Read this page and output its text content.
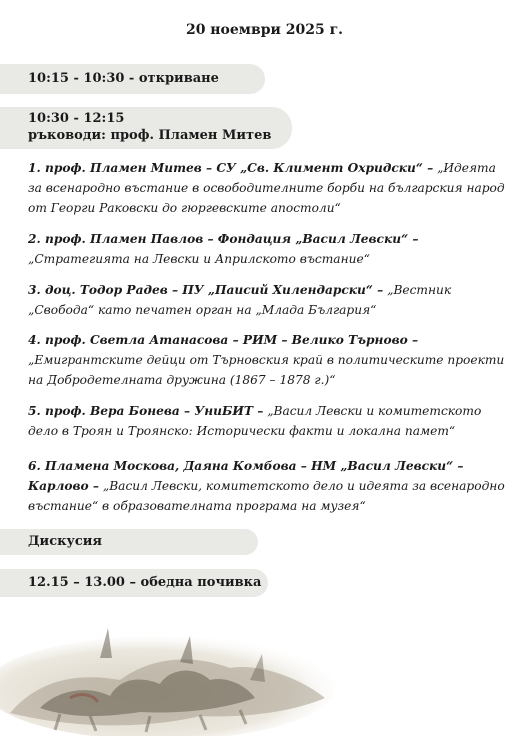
20 ноември 2025 г.
10:15 - 10:30 - откриване
10:30 - 12:15
ръководи: проф. Пламен Митев
1. проф. Пламен Митев – СУ „Св. Климент Охридски“ – „Идеята за всенародно въстание в освободителните борби на българския народ от Георги Раковски до гюргевските апостоли“
2. проф. Пламен Павлов – Фондация „Васил Левски“ – „Стратегията на Левски и Априлското въстание“
3. доц. Тодор Радев – ПУ „Паисий Хилендарски“ – „Вестник „Свобода“ като печатен орган на „Млада България“
4. проф. Светла Атанасова – РИМ – Велико Търново – „Емигрантските дейци от Търновския край в политическите проекти на Добродетелната дружина (1867 – 1878 г.)“
5. проф. Вера Бонева – УниБИТ – „Васил Левски и комитетското дело в Троян и Троянско: Исторически факти и локална памет“
6. Пламена Москова, Даяна Комбова – НМ „Васил Левски“ – Карлово – „Васил Левски, комитетското дело и идеята за всенародно въстание“ в образователната програма на музея“
Дискусия
12.15 – 13.00 – обедна почивка
